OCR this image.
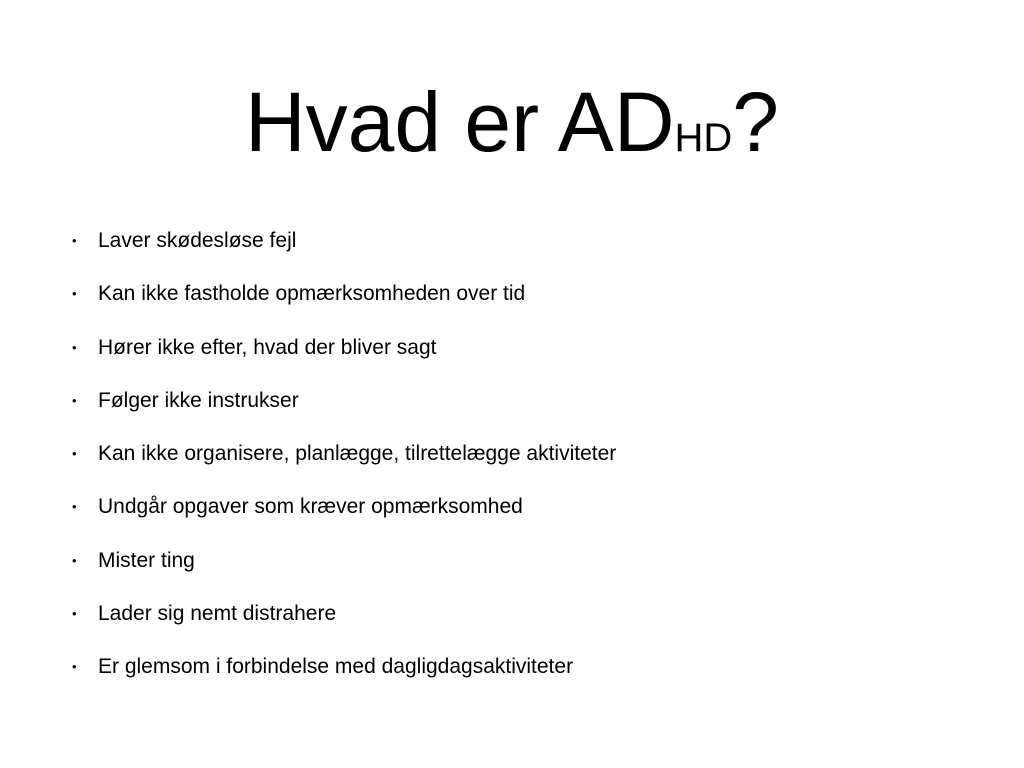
Hvad er ADHD?
• Laver skødesløse fejl
• Kan ikke fastholde opmærksomheden over tid
• Hører ikke efter, hvad der bliver sagt
• Følger ikke instrukser
• Kan ikke organisere, planlægge, tilrettelægge aktiviteter
• Undgår opgaver som kræver opmærksomhed
• Mister ting
• Lader sig nemt distrahere
• Er glemsom i forbindelse med dagligdagsaktiviteter
